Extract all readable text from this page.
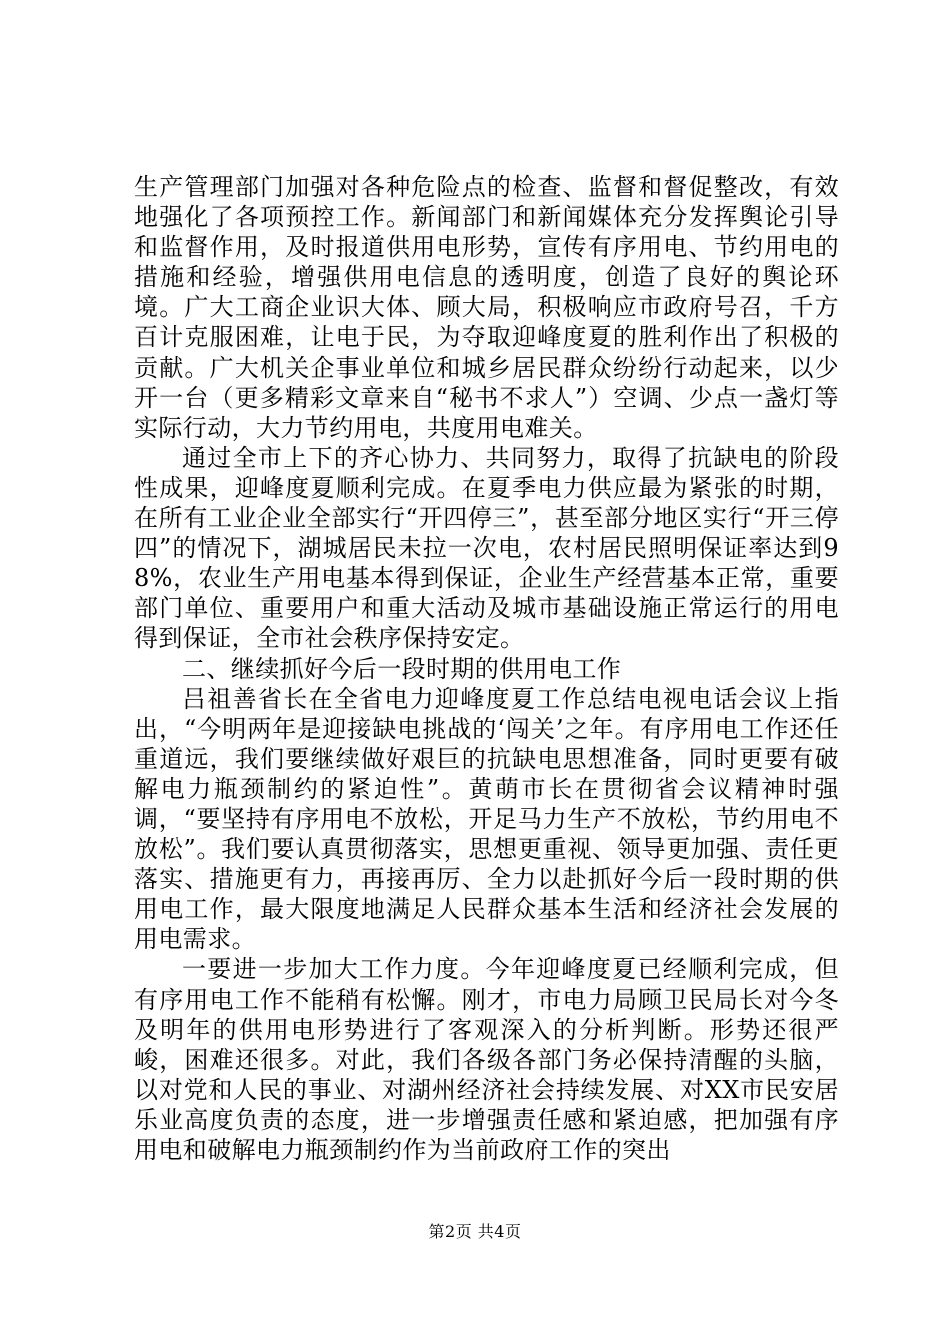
生产管理部门加强对各种危险点的检查、监督和督促整改，有效地强化了各项预控工作。新闻部门和新闻媒体充分发挥舆论引导和监督作用，及时报道供用电形势，宣传有序用电、节约用电的措施和经验，增强供用电信息的透明度，创造了良好的舆论环境。广大工商企业识大体、顾大局，积极响应市政府号召，千方百计克服困难，让电于民，为夺取迎峰度夏的胜利作出了积极的贡献。广大机关企事业单位和城乡居民群众纷纷行动起来，以少开一台（更多精彩文章来自“秘书不求人”）空调、少点一盏灯等实际行动，大力节约用电，共度用电难关。

通过全市上下的齐心协力、共同努力，取得了抗缺电的阶段性成果，迎峰度夏顺利完成。在夏季电力供应最为紧张的时期，在所有工业企业全部实行“开四停三”，甚至部分地区实行“开三停四”的情况下，湖城居民未拉一次电，农村居民照明保证率达到98%，农业生产用电基本得到保证，企业生产经营基本正常，重要部门单位、重要用户和重大活动及城市基础设施正常运行的用电得到保证，全市社会秩序保持安定。

二、继续抓好今后一段时期的供用电工作

吕祖善省长在全省电力迎峰度夏工作总结电视电话会议上指出，“今明两年是迎接缺电挑战的‘闯关’之年。有序用电工作还任重道远，我们要继续做好艰巨的抗缺电思想准备，同时更要有破解电力瓶颈制约的紧迫性”。黄萌市长在贯彻省会议精神时强调，“要坚持有序用电不放松，开足马力生产不放松，节约用电不放松”。我们要认真贯彻落实，思想更重视、领导更加强、责任更落实、措施更有力，再接再厉、全力以赴抓好今后一段时期的供用电工作，最大限度地满足人民群众基本生活和经济社会发展的用电需求。

一要进一步加大工作力度。今年迎峰度夏已经顺利完成，但有序用电工作不能稍有松懈。刚才，市电力局顾卫民局长对今冬及明年的供用电形势进行了客观深入的分析判断。形势还很严峻，困难还很多。对此，我们各级各部门务必保持清醒的头脑，以对党和人民的事业、对湖州经济社会持续发展、对XX市民安居乐业高度负责的态度，进一步增强责任感和紧迫感，把加强有序用电和破解电力瓶颈制约作为当前政府工作的突出

第2页 共4页
